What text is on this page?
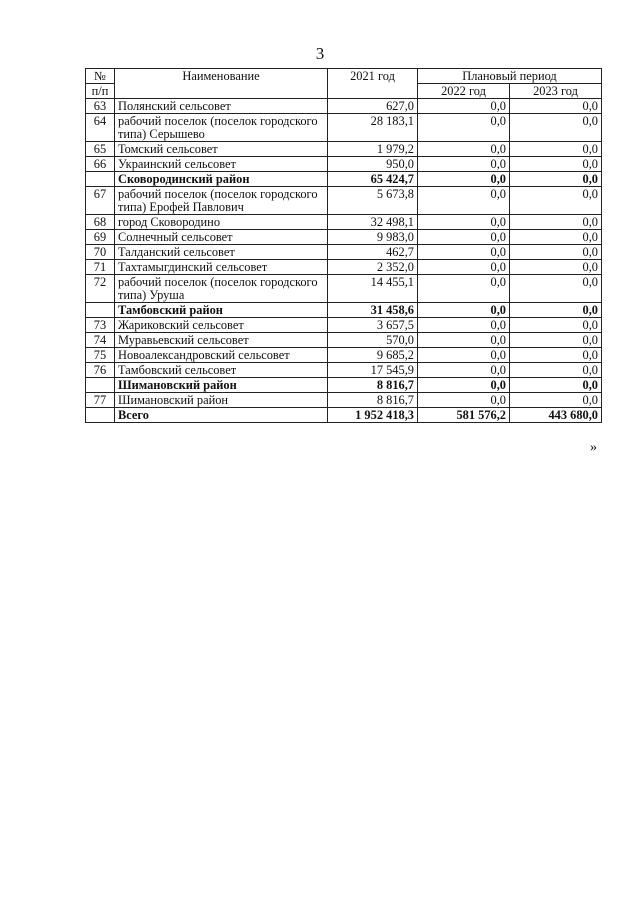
3
№	Наименование	2021 год	Плановый период	
п/п			2022 год	2023 год
63	Полянский сельсовет	627,0	0,0	0,0
64	рабочий поселок (поселок городского типа) Серышево	28 183,1	0,0	0,0
65	Томский сельсовет	1 979,2	0,0	0,0
66	Украинский сельсовет	950,0	0,0	0,0
	Сковородинский район	65 424,7	0,0	0,0
67	рабочий поселок (поселок городского типа) Ерофей Павлович	5 673,8	0,0	0,0
68	город Сковородино	32 498,1	0,0	0,0
69	Солнечный сельсовет	9 983,0	0,0	0,0
70	Талданский сельсовет	462,7	0,0	0,0
71	Тахтамыгдинский сельсовет	2 352,0	0,0	0,0
72	рабочий поселок (поселок городского типа) Уруша	14 455,1	0,0	0,0
	Тамбовский район	31 458,6	0,0	0,0
73	Жариковский сельсовет	3 657,5	0,0	0,0
74	Муравьевский сельсовет	570,0	0,0	0,0
75	Новоалександровский сельсовет	9 685,2	0,0	0,0
76	Тамбовский сельсовет	17 545,9	0,0	0,0
	Шимановский район	8 816,7	0,0	0,0
77	Шимановский район	8 816,7	0,0	0,0
	Всего	1 952 418,3	581 576,2	443 680,0
»
